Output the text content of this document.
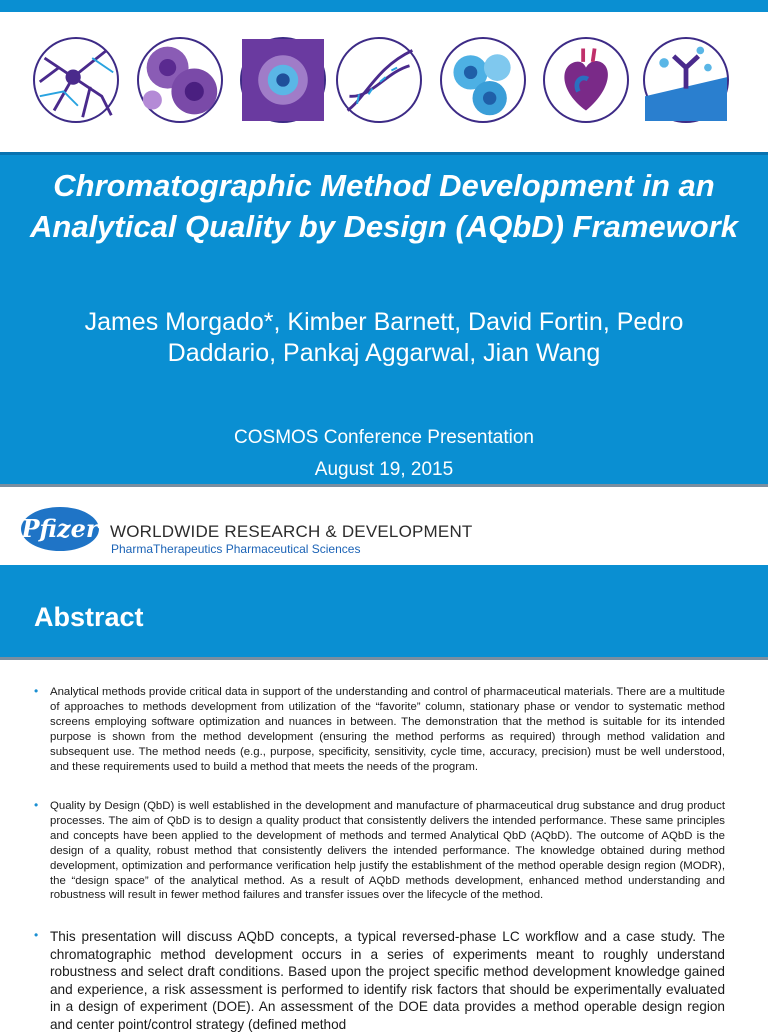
Chromatographic Method Development in an Analytical Quality by Design (AQbD) Framework
James Morgado*, Kimber Barnett, David Fortin, Pedro Daddario, Pankaj Aggarwal, Jian Wang
COSMOS Conference Presentation
August 19, 2015
Pfizer WORLDWIDE RESEARCH & DEVELOPMENT
PharmaTherapeutics Pharmaceutical Sciences
Abstract
• Analytical methods provide critical data in support of the understanding and control of pharmaceutical materials. There are a multitude of approaches to methods development from utilization of the “favorite” column, stationary phase or vendor to systematic method screens employing software optimization and nuances in between. The demonstration that the method is suitable for its intended purpose is shown from the method development (ensuring the method performs as required) through method validation and subsequent use. The method needs (e.g., purpose, specificity, sensitivity, cycle time, accuracy, precision) must be well understood, and these requirements used to build a method that meets the needs of the program.

• Quality by Design (QbD) is well established in the development and manufacture of pharmaceutical drug substance and drug product processes. The aim of QbD is to design a quality product that consistently delivers the intended performance. These same principles and concepts have been applied to the development of methods and termed Analytical QbD (AQbD). The outcome of AQbD is the design of a quality, robust method that consistently delivers the intended performance. The knowledge obtained during method development, optimization and performance verification help justify the establishment of the method operable design region (MODR), the “design space” of the analytical method. As a result of AQbD methods development, enhanced method understanding and robustness will result in fewer method failures and transfer issues over the lifecycle of the method.

• This presentation will discuss AQbD concepts, a typical reversed-phase LC workflow and a case study. The chromatographic method development occurs in a series of experiments meant to roughly understand robustness and select draft conditions. Based upon the project specific method development knowledge gained and experience, a risk assessment is performed to identify risk factors that should be experimentally evaluated in a design of experiment (DOE). An assessment of the DOE data provides a method operable design region and center point/control strategy (defined method
